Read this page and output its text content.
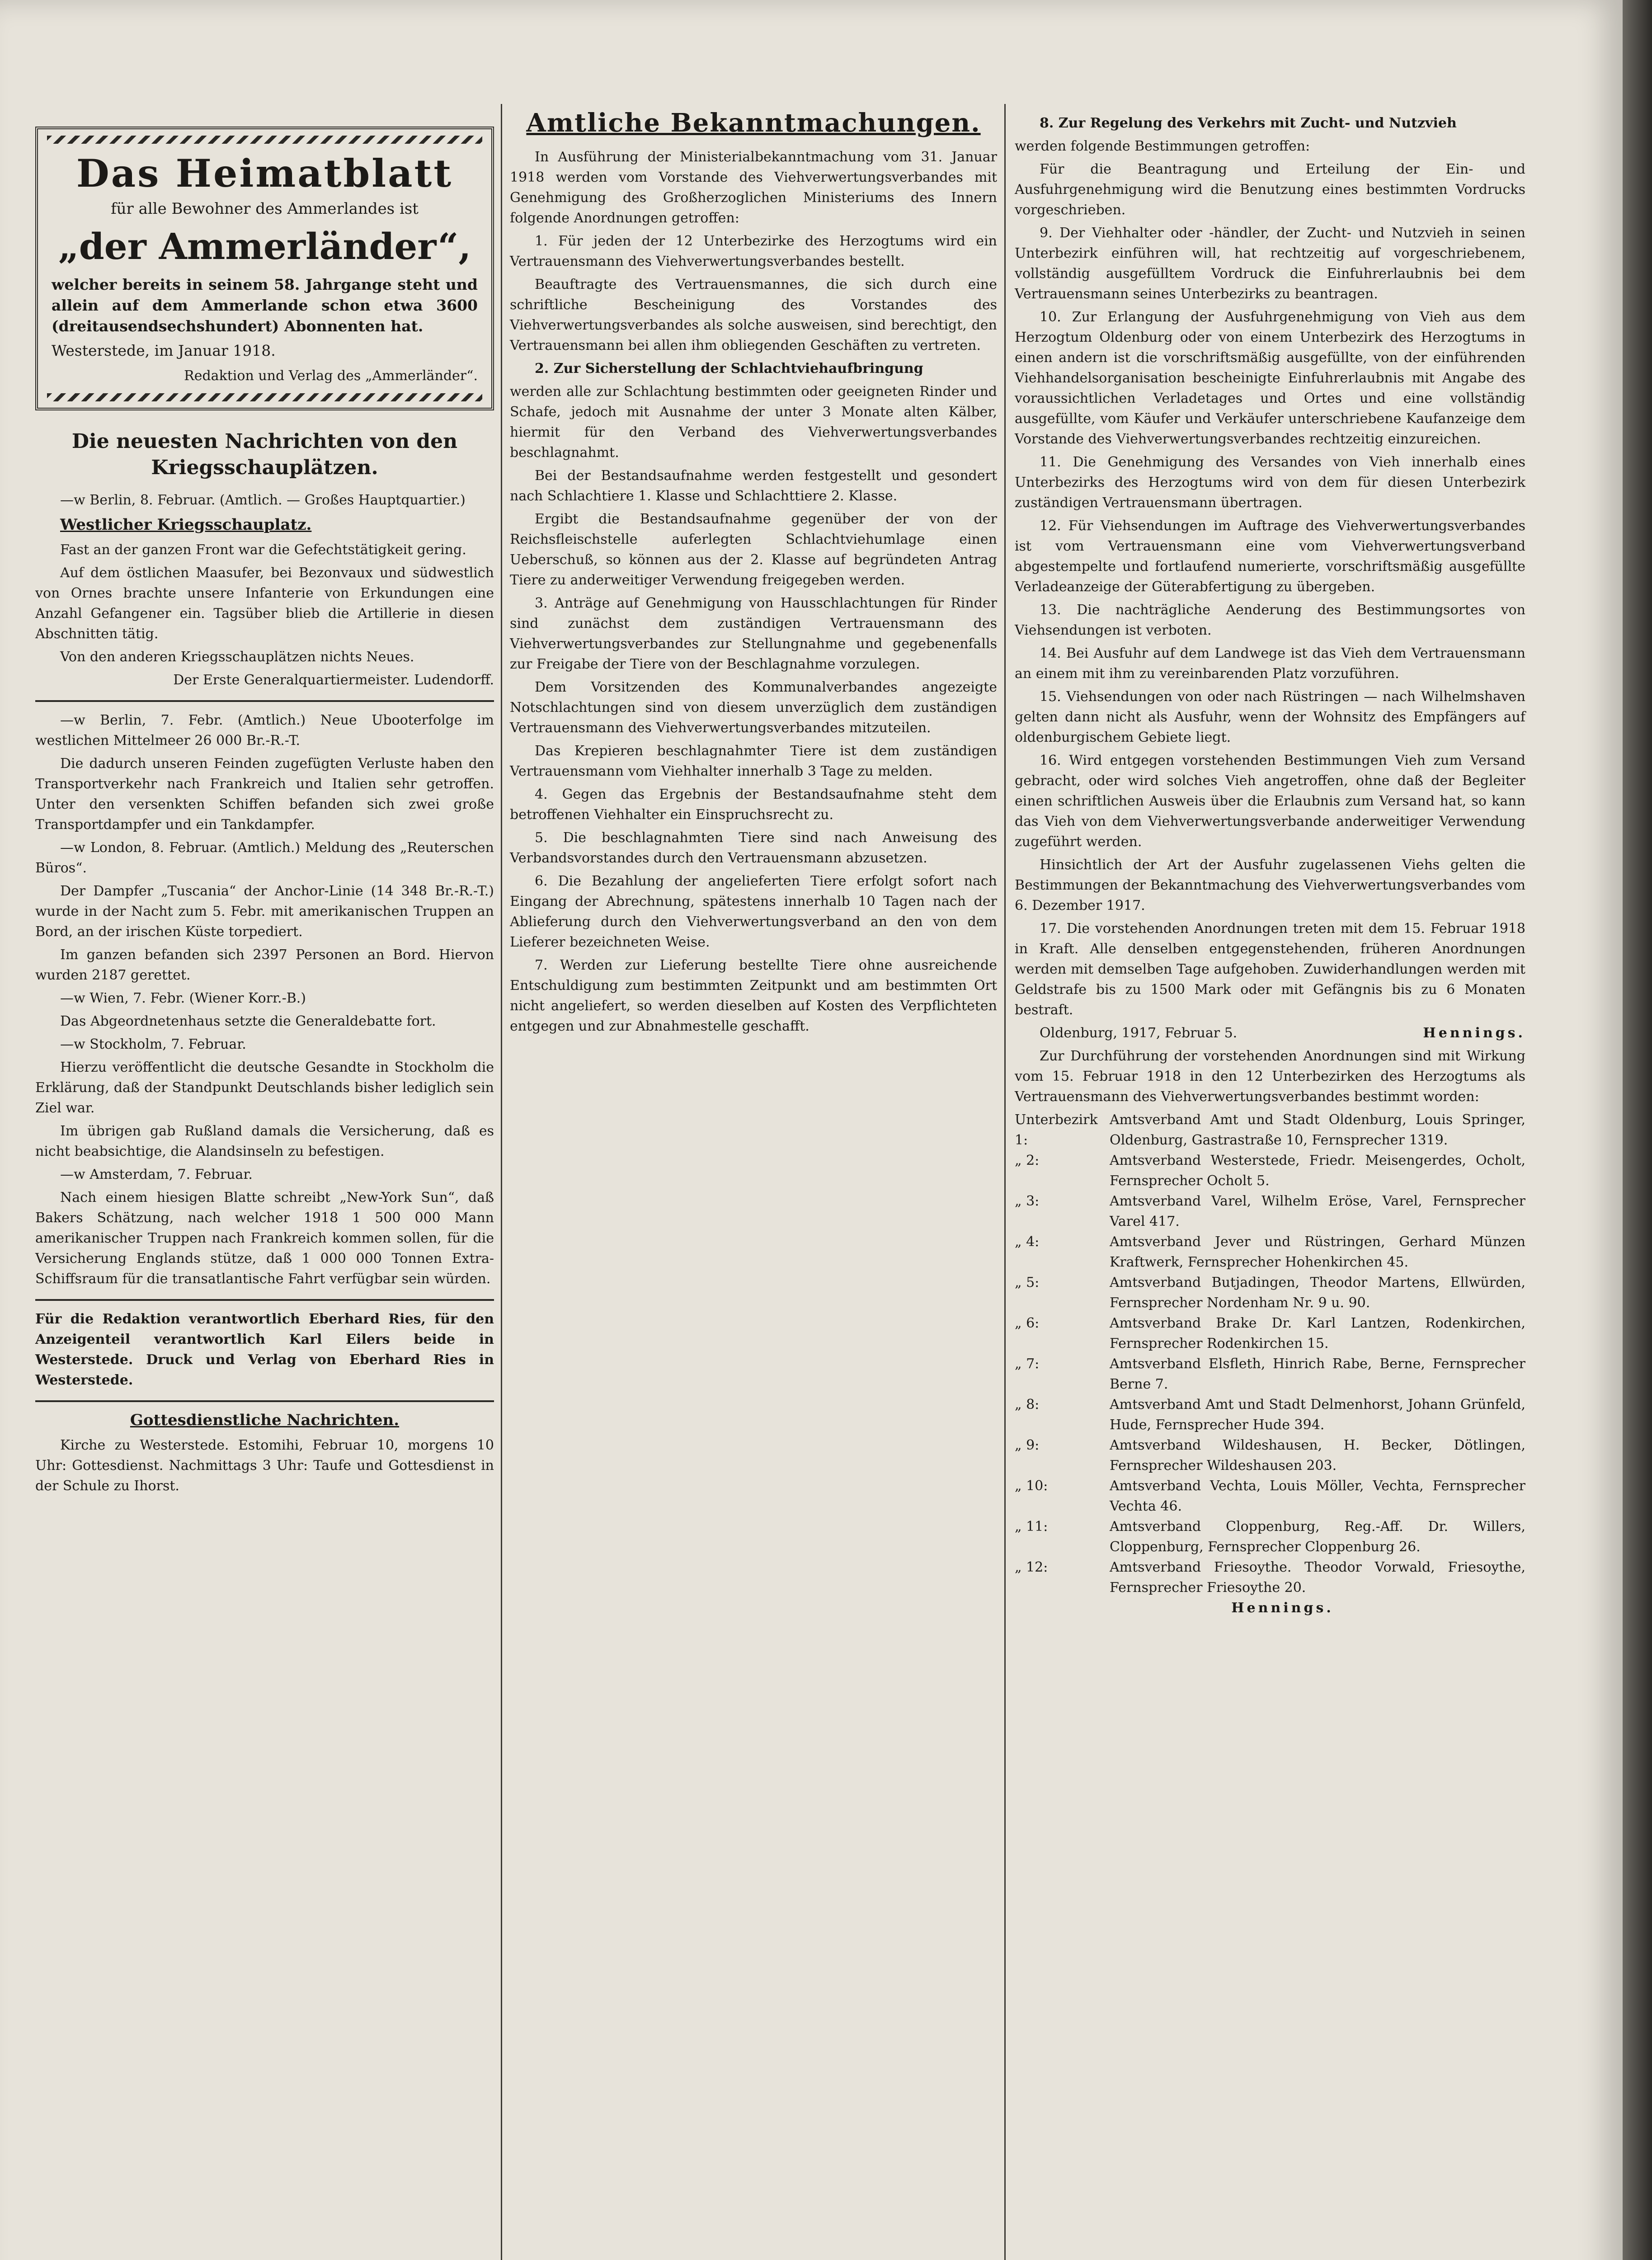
Das Heimatblatt
für alle Bewohner des Ammerlandes ist
„der Ammerländer“,
welcher bereits in seinem 58. Jahrgange steht und allein auf dem Ammerlande schon etwa 3600 (dreitausendsechshundert) Abonnenten hat.
Westerstede, im Januar 1918.
Redaktion und Verlag des „Ammerländer“.
Die neuesten Nachrichten von den Kriegsschauplätzen.

—w Berlin, 8. Februar. (Amtlich. — Großes Hauptquartier.)

Westlicher Kriegsschauplatz.

Fast an der ganzen Front war die Gefechtstätigkeit gering.

Auf dem östlichen Maasufer, bei Bezonvaux und südwestlich von Ornes brachte unsere Infanterie von Erkundungen eine Anzahl Gefangener ein. Tagsüber blieb die Artillerie in diesen Abschnitten tätig.

Von den anderen Kriegsschauplätzen nichts Neues.

Der Erste Generalquartiermeister. Ludendorff.

—w Berlin, 7. Febr. (Amtlich.) Neue Ubooterfolge im westlichen Mittelmeer 26 000 Br.-R.-T.

Die dadurch unseren Feinden zugefügten Verluste haben den Transportverkehr nach Frankreich und Italien sehr getroffen. Unter den versenkten Schiffen befanden sich zwei große Transportdampfer und ein Tankdampfer.

—w London, 8. Februar. (Amtlich.) Meldung des „Reuterschen Büros“.

Der Dampfer „Tuscania“ der Anchor-Linie (14 348 Br.-R.-T.) wurde in der Nacht zum 5. Febr. mit amerikanischen Truppen an Bord, an der irischen Küste torpediert.

Im ganzen befanden sich 2397 Personen an Bord. Hiervon wurden 2187 gerettet.

—w Wien, 7. Febr. (Wiener Korr.-B.)

Das Abgeordnetenhaus setzte die Generaldebatte fort.

—w Stockholm, 7. Februar.

Hierzu veröffentlicht die deutsche Gesandte in Stockholm die Erklärung, daß der Standpunkt Deutschlands bisher lediglich sein Ziel war.

Im übrigen gab Rußland damals die Versicherung, daß es nicht beabsichtige, die Alandsinseln zu befestigen.

—w Amsterdam, 7. Februar.

Nach einem hiesigen Blatte schreibt „New-York Sun“, daß Bakers Schätzung, nach welcher 1918 1 500 000 Mann amerikanischer Truppen nach Frankreich kommen sollen, für die Versicherung Englands stütze, daß 1 000 000 Tonnen Extra-Schiffsraum für die transatlantische Fahrt verfügbar sein würden.

Für die Redaktion verantwortlich Eberhard Ries, für den Anzeigenteil verantwortlich Karl Eilers beide in Westerstede. Druck und Verlag von Eberhard Ries in Westerstede.

Gottesdienstliche Nachrichten.

Kirche zu Westerstede. Estomihi, Februar 10, morgens 10 Uhr: Gottesdienst. Nachmittags 3 Uhr: Taufe und Gottesdienst in der Schule zu Ihorst.

Amtliche Bekanntmachungen.

In Ausführung der Ministerialbekanntmachung vom 31. Januar 1918 werden vom Vorstande des Viehverwertungsverbandes mit Genehmigung des Großherzoglichen Ministeriums des Innern folgende Anordnungen getroffen:

1. Für jeden der 12 Unterbezirke des Herzogtums wird ein Vertrauensmann des Viehverwertungsverbandes bestellt.

Beauftragte des Vertrauensmannes, die sich durch eine schriftliche Bescheinigung des Vorstandes des Viehverwertungsverbandes als solche ausweisen, sind berechtigt, den Vertrauensmann bei allen ihm obliegenden Geschäften zu vertreten.

2. Zur Sicherstellung der Schlachtviehaufbringung

werden alle zur Schlachtung bestimmten oder geeigneten Rinder und Schafe, jedoch mit Ausnahme der unter 3 Monate alten Kälber, hiermit für den Verband des Viehverwertungsverbandes beschlagnahmt.

Bei der Bestandsaufnahme werden festgestellt und gesondert nach Schlachtiere 1. Klasse und Schlachttiere 2. Klasse.

Ergibt die Bestandsaufnahme gegenüber der von der Reichsfleischstelle auferlegten Schlachtviehumlage einen Ueberschuß, so können aus der 2. Klasse auf begründeten Antrag Tiere zu anderweitiger Verwendung freigegeben werden.

3. Anträge auf Genehmigung von Hausschlachtungen für Rinder sind zunächst dem zuständigen Vertrauensmann des Viehverwertungsverbandes zur Stellungnahme und gegebenenfalls zur Freigabe der Tiere von der Beschlagnahme vorzulegen.

Dem Vorsitzenden des Kommunalverbandes angezeigte Notschlachtungen sind von diesem unverzüglich dem zuständigen Vertrauensmann des Viehverwertungsverbandes mitzuteilen.

Das Krepieren beschlagnahmter Tiere ist dem zuständigen Vertrauensmann vom Viehhalter innerhalb 3 Tage zu melden.

4. Gegen das Ergebnis der Bestandsaufnahme steht dem betroffenen Viehhalter ein Einspruchsrecht zu.

5. Die beschlagnahmten Tiere sind nach Anweisung des Verbandsvorstandes durch den Vertrauensmann abzusetzen.

6. Die Bezahlung der angelieferten Tiere erfolgt sofort nach Eingang der Abrechnung, spätestens innerhalb 10 Tagen nach der Ablieferung durch den Viehverwertungsverband an den von dem Lieferer bezeichneten Weise.

7. Werden zur Lieferung bestellte Tiere ohne ausreichende Entschuldigung zum bestimmten Zeitpunkt und am bestimmten Ort nicht angeliefert, so werden dieselben auf Kosten des Verpflichteten entgegen und zur Abnahmestelle geschafft.

8. Zur Regelung des Verkehrs mit Zucht- und Nutzvieh

werden folgende Bestimmungen getroffen:

Für die Beantragung und Erteilung der Ein- und Ausfuhrgenehmigung wird die Benutzung eines bestimmten Vordrucks vorgeschrieben.

9. Der Viehhalter oder -händler, der Zucht- und Nutzvieh in seinen Unterbezirk einführen will, hat rechtzeitig auf vorgeschriebenem, vollständig ausgefülltem Vordruck die Einfuhrerlaubnis bei dem Vertrauensmann seines Unterbezirks zu beantragen.

10. Zur Erlangung der Ausfuhrgenehmigung von Vieh aus dem Herzogtum Oldenburg oder von einem Unterbezirk des Herzogtums in einen andern ist die vorschriftsmäßig ausgefüllte, von der einführenden Viehhandelsorganisation bescheinigte Einfuhrerlaubnis mit Angabe des voraussichtlichen Verladetages und Ortes und eine vollständig ausgefüllte, vom Käufer und Verkäufer unterschriebene Kaufanzeige dem Vorstande des Viehverwertungsverbandes rechtzeitig einzureichen.

11. Die Genehmigung des Versandes von Vieh innerhalb eines Unterbezirks des Herzogtums wird von dem für diesen Unterbezirk zuständigen Vertrauensmann übertragen.

12. Für Viehsendungen im Auftrage des Viehverwertungsverbandes ist vom Vertrauensmann eine vom Viehverwertungsverband abgestempelte und fortlaufend numerierte, vorschriftsmäßig ausgefüllte Verladeanzeige der Güterabfertigung zu übergeben.

13. Die nachträgliche Aenderung des Bestimmungsortes von Viehsendungen ist verboten.

14. Bei Ausfuhr auf dem Landwege ist das Vieh dem Vertrauensmann an einem mit ihm zu vereinbarenden Platz vorzuführen.

15. Viehsendungen von oder nach Rüstringen — nach Wilhelmshaven gelten dann nicht als Ausfuhr, wenn der Wohnsitz des Empfängers auf oldenburgischem Gebiete liegt.

16. Wird entgegen vorstehenden Bestimmungen Vieh zum Versand gebracht, oder wird solches Vieh angetroffen, ohne daß der Begleiter einen schriftlichen Ausweis über die Erlaubnis zum Versand hat, so kann das Vieh von dem Viehverwertungsverbande anderweitiger Verwendung zugeführt werden.

Hinsichtlich der Art der Ausfuhr zugelassenen Viehs gelten die Bestimmungen der Bekanntmachung des Viehverwertungsverbandes vom 6. Dezember 1917.

17. Die vorstehenden Anordnungen treten mit dem 15. Februar 1918 in Kraft. Alle denselben entgegenstehenden, früheren Anordnungen werden mit demselben Tage aufgehoben. Zuwiderhandlungen werden mit Geldstrafe bis zu 1500 Mark oder mit Gefängnis bis zu 6 Monaten bestraft.

Oldenburg, 1917, Februar 5.	Hennings.

Zur Durchführung der vorstehenden Anordnungen sind mit Wirkung vom 15. Februar 1918 in den 12 Unterbezirken des Herzogtums als Vertrauensmann des Viehverwertungsverbandes bestimmt worden:

Unterbezirk 1:
Amtsverband Amt und Stadt Oldenburg, Louis Springer, Oldenburg, Gastrastraße 10, Fernsprecher 1319.
„ 2:	Amtsverband Westerstede, Friedr. Meisengerdes, Ocholt, Fernsprecher Ocholt 5.
„ 3:	Amtsverband Varel, Wilhelm Eröse, Varel, Fernsprecher Varel 417.
„ 4:	Amtsverband Jever und Rüstringen, Gerhard Münzen Kraftwerk, Fernsprecher Hohenkirchen 45.
„ 5:	Amtsverband Butjadingen, Theodor Martens, Ellwürden, Fernsprecher Nordenham Nr. 9 u. 90.
„ 6:	Amtsverband Brake Dr. Karl Lantzen, Rodenkirchen, Fernsprecher Rodenkirchen 15.
„ 7:	Amtsverband Elsfleth, Hinrich Rabe, Berne, Fernsprecher Berne 7.
„ 8:	Amtsverband Amt und Stadt Delmenhorst, Johann Grünfeld, Hude, Fernsprecher Hude 394.
„ 9:	Amtsverband Wildeshausen, H. Becker, Dötlingen, Fernsprecher Wildeshausen 203.
„ 10:	Amtsverband Vechta, Louis Möller, Vechta, Fernsprecher Vechta 46.
„ 11:	Amtsverband Cloppenburg, Reg.-Aff. Dr. Willers, Cloppenburg, Fernsprecher Cloppenburg 26.
„ 12:	Amtsverband Friesoythe. Theodor Vorwald, Friesoythe, Fernsprecher Friesoythe 20.

Hennings.
